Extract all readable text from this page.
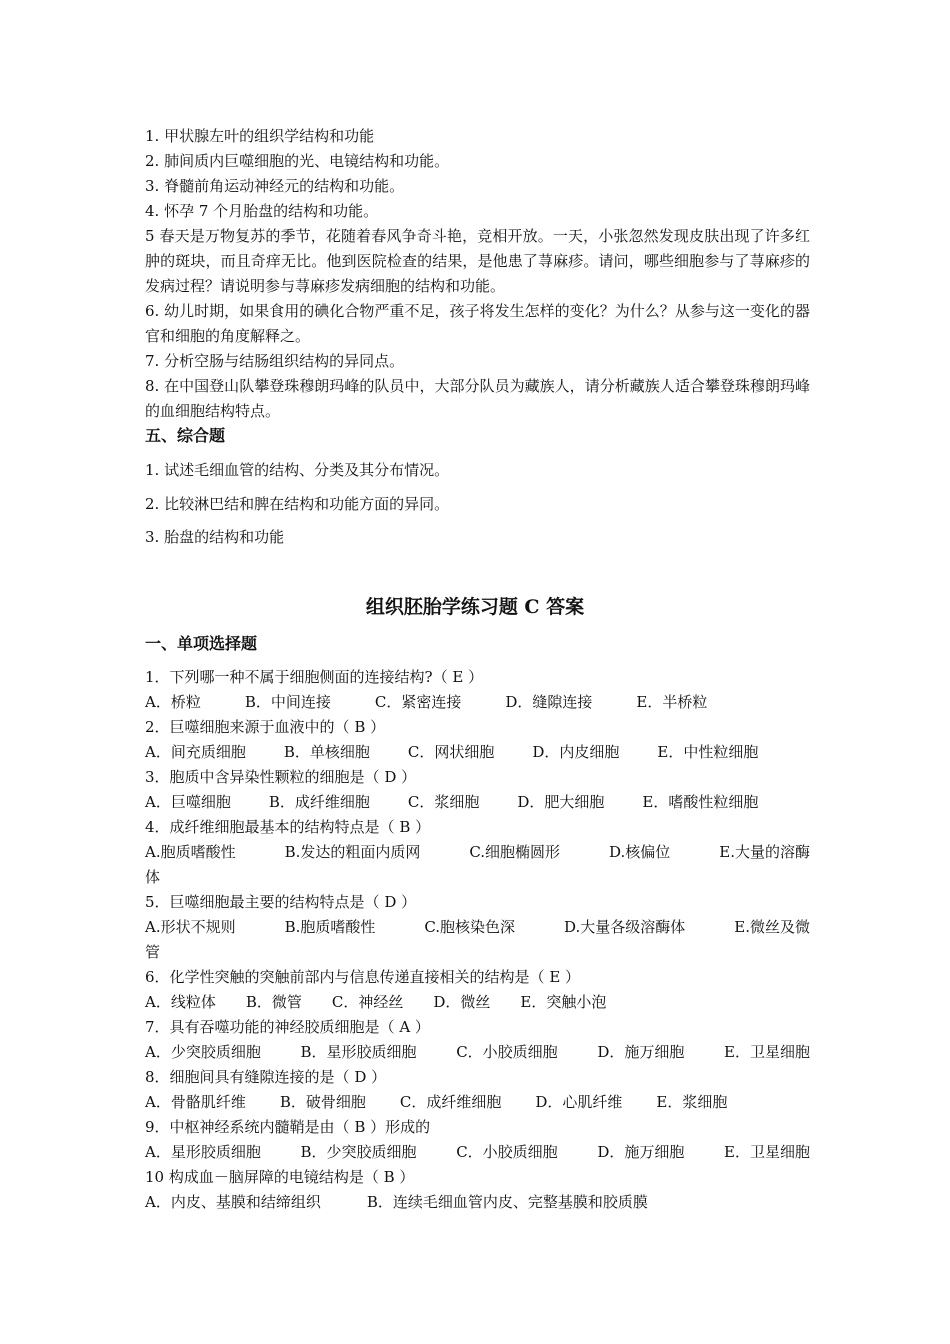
1. 甲状腺左叶的组织学结构和功能
2. 肺间质内巨噬细胞的光、电镜结构和功能。
3. 脊髓前角运动神经元的结构和功能。
4. 怀孕 7 个月胎盘的结构和功能。
5 春天是万物复苏的季节，花随着春风争奇斗艳，竞相开放。一天，小张忽然发现皮肤出现了许多红肿的斑块，而且奇痒无比。他到医院检查的结果，是他患了荨麻疹。请问，哪些细胞参与了荨麻疹的发病过程？请说明参与荨麻疹发病细胞的结构和功能。
6. 幼儿时期，如果食用的碘化合物严重不足，孩子将发生怎样的变化？为什么？从参与这一变化的器官和细胞的角度解释之。
7. 分析空肠与结肠组织结构的异同点。
8. 在中国登山队攀登珠穆朗玛峰的队员中，大部分队员为藏族人，请分析藏族人适合攀登珠穆朗玛峰的血细胞结构特点。
五、综合题
1. 试述毛细血管的结构、分类及其分布情况。
2. 比较淋巴结和脾在结构和功能方面的异同。
3. 胎盘的结构和功能
组织胚胎学练习题 C 答案
一、单项选择题
1．下列哪一种不属于细胞侧面的连接结构?（ E ）
A．桥粒	B．中间连接	C．紧密连接	D．缝隙连接	E．半桥粒
2．巨噬细胞来源于血液中的（ B ）
A．间充质细胞	B．单核细胞	C．网状细胞	D．内皮细胞	E．中性粒细胞
3．胞质中含异染性颗粒的细胞是（ D ）
A．巨噬细胞	B．成纤维细胞	C．浆细胞	D．肥大细胞	E．嗜酸性粒细胞
4．成纤维细胞最基本的结构特点是（ B ）
A.胞质嗜酸性	B.发达的粗面内质网	C.细胞椭圆形	D.核偏位	E.大量的溶酶
体
5．巨噬细胞最主要的结构特点是（ D ）
A.形状不规则	B.胞质嗜酸性	C.胞核染色深	D.大量各级溶酶体	E.微丝及微
管
6．化学性突触的突触前部内与信息传递直接相关的结构是（ E ）
A．线粒体 B．微管 C．神经丝 D．微丝 E．突触小泡
7．具有吞噬功能的神经胶质细胞是（ A ）
A．少突胶质细胞	B．星形胶质细胞	C．小胶质细胞	D．施万细胞	E．卫星细胞
8．细胞间具有缝隙连接的是（ D ）
A．骨骼肌纤维 B．破骨细胞 C．成纤维细胞 D．心肌纤维 E．浆细胞
9．中枢神经系统内髓鞘是由（ B ）形成的
A．星形胶质细胞	B．少突胶质细胞	C．小胶质细胞	D．施万细胞	E．卫星细胞
10 构成血－脑屏障的电镜结构是（ B ）
A．内皮、基膜和结缔组织	B．连续毛细血管内皮、完整基膜和胶质膜
